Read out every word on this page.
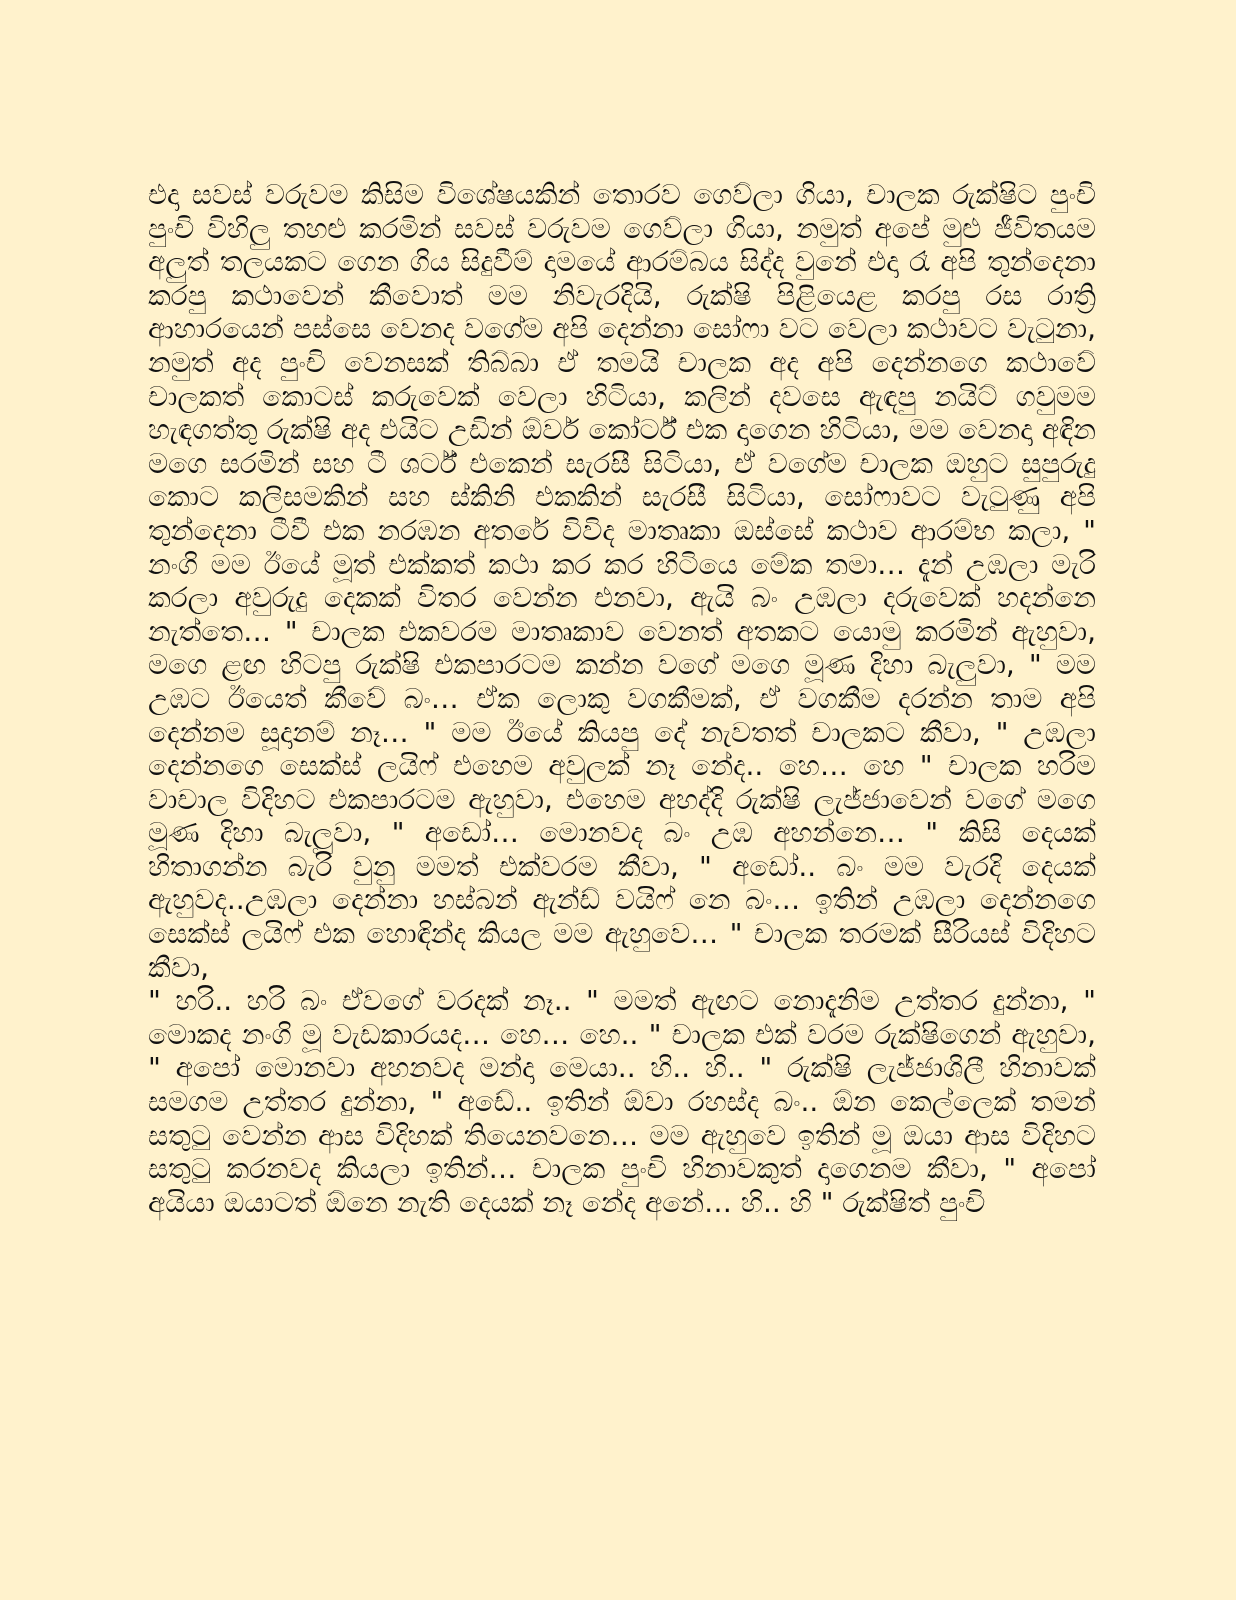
එදා සවස් වරුවම කිසිම විශේෂයකින් තොරව ගෙව්ලා ගියා, චාලක රුක්ෂිට පුංචි පුංචි විහිලු තහළු කරමින් සවස් වරුවම ගෙව්ලා ගියා, නමුත් අපේ මුළු ජීවිතයම අලුත් තලයකට ගෙන ගිය සිදුවීම් දාමයේ ආරම්බය සිද්ද වුනේ එදා රෑ අපි තුන්දෙනා කරපු කථාවෙන් කීවොත් මම නිවැරදියි, රුක්ෂි පිළියෙළ කරපු රස රාත්‍රි ආහාරයෙන් පස්සෙ වෙනද වගේම අපි දෙන්නා සෝෆා වට වෙලා කථාවට වැටුනා, නමුත් අද පුංචි වෙනසක් තිබ්බා ඒ තමයි චාලක අද අපි දෙන්නගෙ කථාවේ චාලකත් කොටස් කරුවෙක් වෙලා හිටියා, කලින් දවසෙ ඇඳපු නයිට් ගවුමම හැඳගත්තු රුක්ෂි අද එයිට උඩින් ඕවර් කෝර්ට් එක දාගෙන හිටියා, මම වෙනදා අඳින මගෙ සරමින් සහ ටී ශර්ට් එකෙන් සැරසී සිටියා, ඒ වගේම චාලක ඔහුට සුපුරුදු කොට කලිසමකින් සහ ස්කිනි එකකින් සැරසී සිටියා, සෝෆාවට වැටුණු අපි තුන්දෙනා ටීවී එක නරඹන අතරේ විවිද මාතෘකා ඔස්සේ කථාව ආරම්භ කලා, " නංගි මම ඊයේ මූත් එක්කත් කථා කර කර හිටියෙ මේක තමා… දැන් උඹලා මැරි කරලා අවුරුදු දෙකක් විතර වෙන්න එනවා, ඇයි බං උඹලා දරුවෙක් හදන්නෙ නැත්තෙ… " චාලක එකවරම මාතෘකාව වෙනත් අතකට යොමු කරමින් ඇහුවා, මගෙ ළඟ හිටපු රුක්ෂි එකපාරටම කන්න වගේ මගෙ මූණ දිහා බැලුවා, " මම උඹට ඊයෙත් කීවේ බං… ඒක ලොකු වගකීමක්, ඒ වගකීම දරන්න තාම අපි දෙන්නම සූදානම් නෑ… " මම ඊයේ කියපු දේ නැවතත් චාලකට කීවා, " උඹලා දෙන්නගෙ සෙක්ස් ලයිෆ් එහෙම අවුලක් නෑ නේද.. හෙ… හෙ " චාලක හරිම වාචාල විදිහට එකපාරටම ඇහුවා, එහෙම අහද්දි රුක්ෂි ලැජ්ජාවෙන් වගේ මගෙ මූණ දිහා බැලුවා, " අඩෝ… මොනවද බං උඹ අහන්නෙ… " කිසි දෙයක් හිතාගන්න බැරි වුනු මමත් එක්වරම කීවා, " අඩෝ.. බං මම වැරදි දෙයක් ඇහුවද..උඹලා දෙන්නා හස්බන් ඇන්ඩ් වයිෆ් නෙ බං… ඉතින් උඹලා දෙන්නගෙ සෙක්ස් ලයිෆ් එක හොඳින්ද කියල මම ඇහුවෙ… " චාලක තරමක් සීරියස් විදිහට කීවා,

" හරි.. හරි බං ඒවගේ වරදක් නෑ.. " මමත් ඇඟට නොදැනිම උත්තර දුන්නා, " මොකද නංගි මූ වැඩකාරයද… හෙ… හෙ.. " චාලක එක් වරම රුක්ෂිගෙන් ඇහුවා, " අපෝ මොනවා අහනවද මන්දා මෙයා.. හි.. හි.. " රුක්ෂි ලැජ්ජාශිලී හිනාවක් සමගම උත්තර දුන්නා, " අඩේ.. ඉතින් ඕවා රහස්ද බං.. ඕන කෙල්ලෙක් තමන් සතුටු වෙන්න ආස විදිහක් තියෙනවනෙ… මම ඇහුවෙ ඉතින් මූ ඔයා ආස විදිහට සතුටු කරනවද කියලා ඉතින්… චාලක පුංචි හිනාවකුත් දාගෙනම කීවා, " අපෝ අයියා ඔයාටත් ඕනෙ නැති දෙයක් නෑ නේද අනේ… හි.. හි " රුක්ෂිත් පුංචි
